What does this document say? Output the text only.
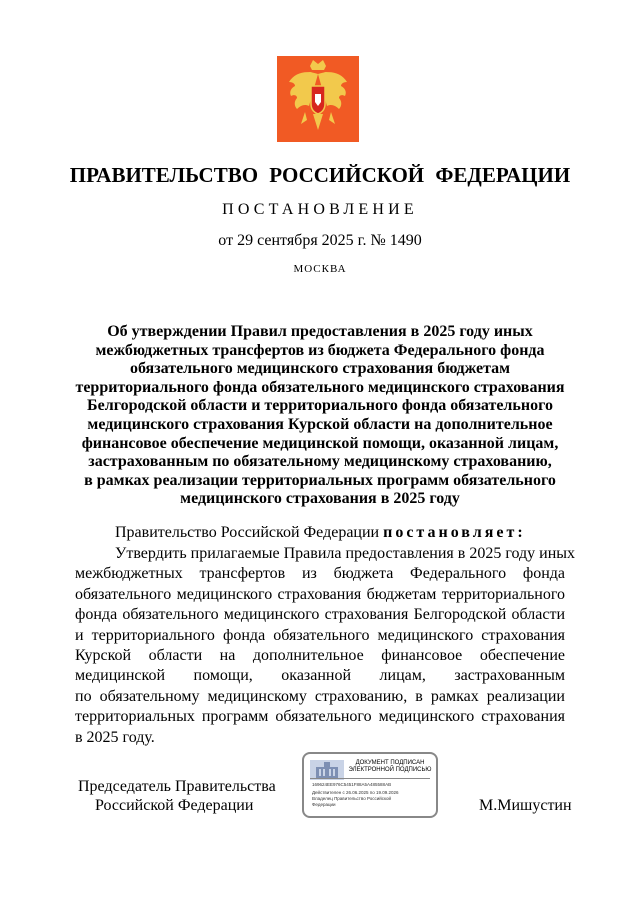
ПРАВИТЕЛЬСТВО РОССИЙСКОЙ ФЕДЕРАЦИИ
ПОСТАНОВЛЕНИЕ
от 29 сентября 2025 г. № 1490
МОСКВА
Об утверждении Правил предоставления в 2025 году иных
межбюджетных трансфертов из бюджета Федерального фонда
обязательного медицинского страхования бюджетам
территориального фонда обязательного медицинского страхования
Белгородской области и территориального фонда обязательного
медицинского страхования Курской области на дополнительное
финансовое обеспечение медицинской помощи, оказанной лицам,
застрахованным по обязательному медицинскому страхованию,
в рамках реализации территориальных программ обязательного
медицинского страхования в 2025 году
Правительство Российской Федерации постановляет:
Утвердить прилагаемые Правила предоставления в 2025 году иных
межбюджетных трансфертов из бюджета Федерального фонда
обязательного медицинского страхования бюджетам территориального
фонда обязательного медицинского страхования Белгородской области
и территориального фонда обязательного медицинского страхования
Курской области на дополнительное финансовое обеспечение
медицинской помощи, оказанной лицам, застрахованным
по обязательному медицинскому страхованию, в рамках реализации
территориальных программ обязательного медицинского страхования
в 2025 году.
Председатель Правительства
Российской Федерации	М.Мишустин
ДОКУМЕНТ ПОДПИСАН
ЭЛЕКТРОННОЙ ПОДПИСЬЮ
169624ЕЕ976С5451F88А5А485588АВ
Действителен с 26.06.2025 по 19.09.2026
Владелец Правительство Российской
Федерации
